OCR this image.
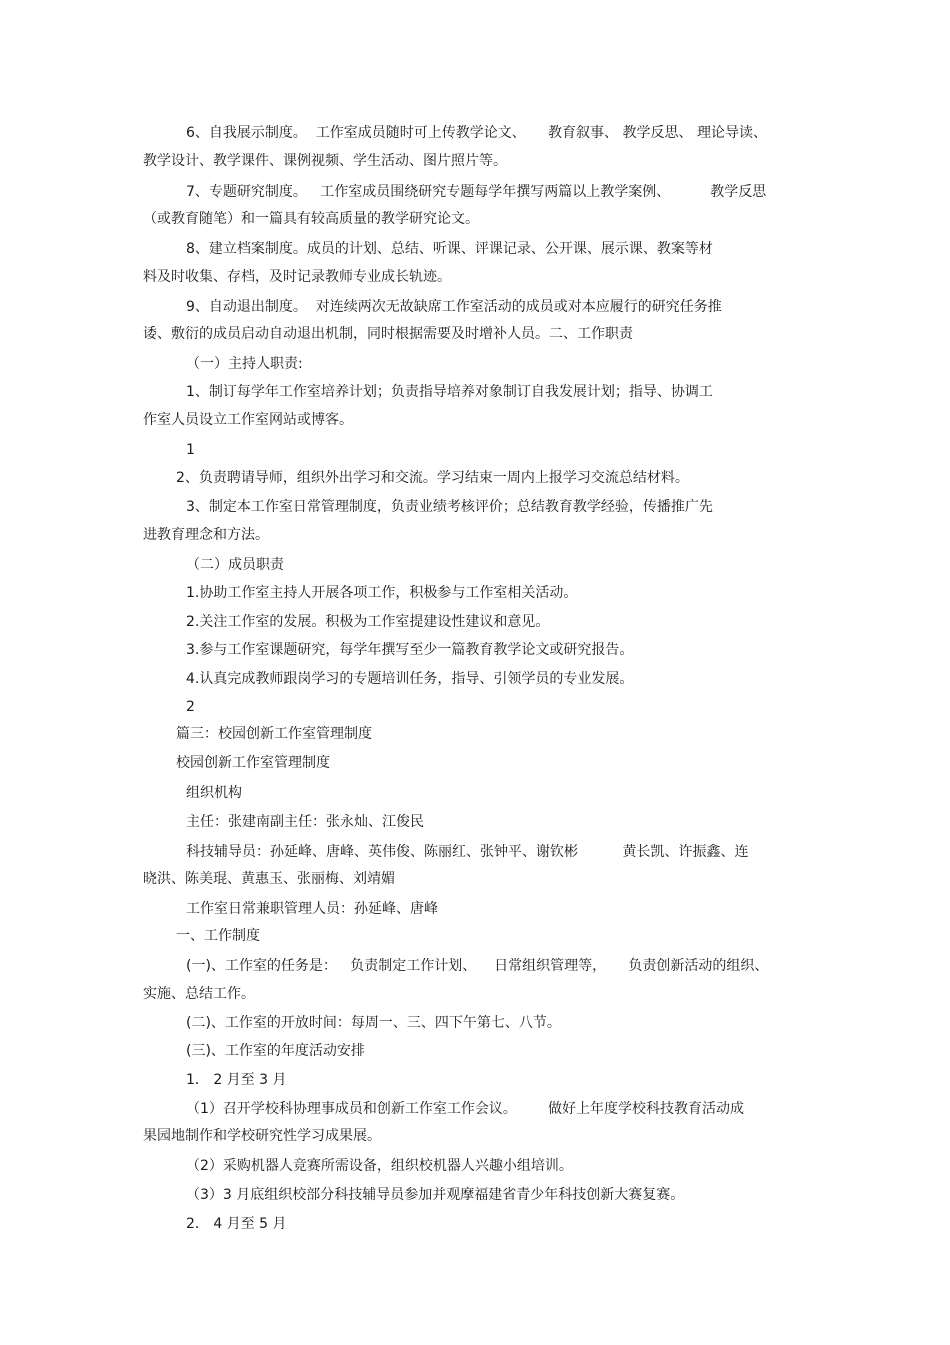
6、自我展示制度。  工作室成员随时可上传教学论文、     教育叙事、 教学反思、 理论导读、
教学设计、教学课件、课例视频、学生活动、图片照片等。
7、专题研究制度。   工作室成员围绕研究专题每学年撰写两篇以上教学案例、         教学反思
（或教育随笔）和一篇具有较高质量的教学研究论文。
8、建立档案制度。成员的计划、总结、听课、评课记录、公开课、展示课、教案等材
料及时收集、存档，及时记录教师专业成长轨迹。
9、自动退出制度。  对连续两次无故缺席工作室活动的成员或对本应履行的研究任务推
诿、敷衍的成员启动自动退出机制，同时根据需要及时增补人员。二、工作职责
（一）主持人职责:
1、制订每学年工作室培养计划；负责指导培养对象制订自我发展计划；指导、协调工
作室人员设立工作室网站或博客。
1
2、负责聘请导师，组织外出学习和交流。学习结束一周内上报学习交流总结材料。
3、制定本工作室日常管理制度，负责业绩考核评价；总结教育教学经验，传播推广先
进教育理念和方法。
（二）成员职责
1.协助工作室主持人开展各项工作，积极参与工作室相关活动。
2.关注工作室的发展。积极为工作室提建设性建议和意见。
3.参与工作室课题研究，每学年撰写至少一篇教育教学论文或研究报告。
4.认真完成教师跟岗学习的专题培训任务，指导、引领学员的专业发展。
2
篇三：校园创新工作室管理制度
校园创新工作室管理制度
组织机构
主任：张建南副主任：张永灿、江俊民
科技辅导员：孙延峰、唐峰、英伟俊、陈丽红、张钟平、谢钦彬          黄长凯、许振鑫、连
晓洪、陈美琨、黄惠玉、张丽梅、刘靖媚
工作室日常兼职管理人员：孙延峰、唐峰
一、工作制度
(一)、工作室的任务是：   负责制定工作计划、    日常组织管理等，     负责创新活动的组织、
实施、总结工作。
(二)、工作室的开放时间：每周一、三、四下午第七、八节。
(三)、工作室的年度活动安排
1． 2 月至 3 月
（1）召开学校科协理事成员和创新工作室工作会议。       做好上年度学校科技教育活动成
果园地制作和学校研究性学习成果展。
（2）采购机器人竞赛所需设备，组织校机器人兴趣小组培训。
（3）3 月底组织校部分科技辅导员参加并观摩福建省青少年科技创新大赛复赛。
2． 4 月至 5 月
